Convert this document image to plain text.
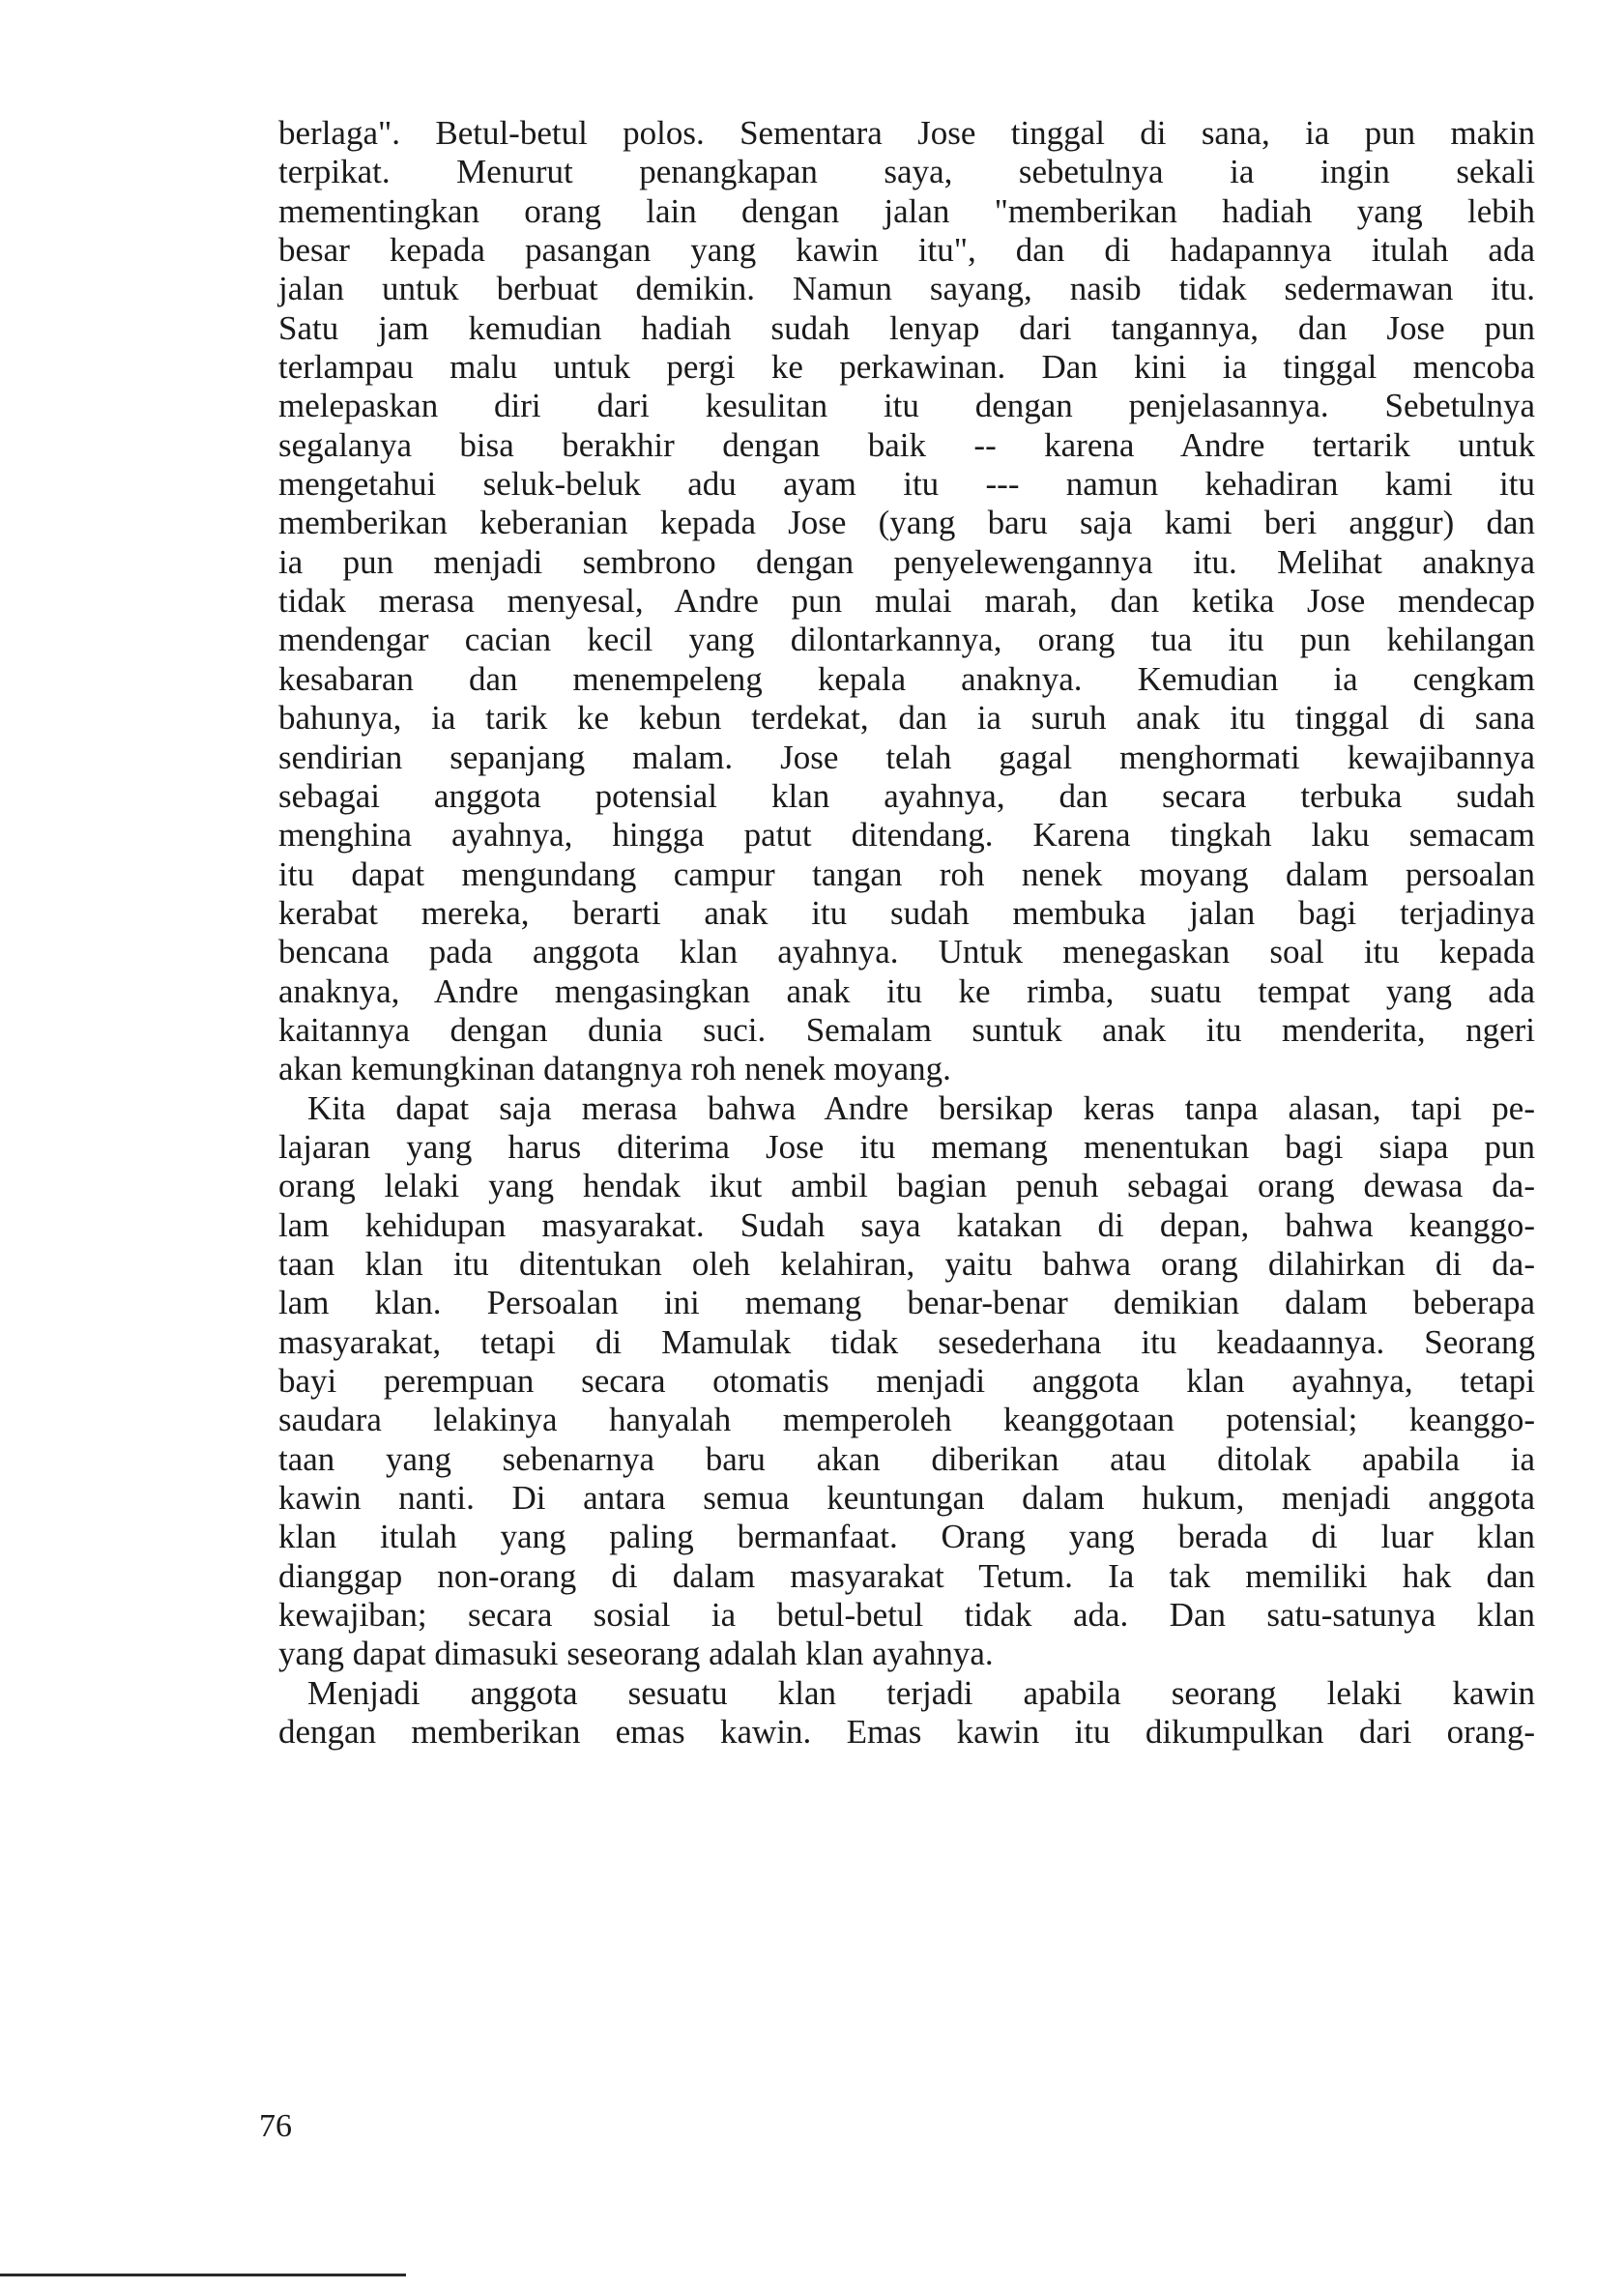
berlaga". Betul-betul polos. Sementara Jose tinggal di sana, ia pun makin
terpikat. Menurut penangkapan saya, sebetulnya ia ingin sekali
mementingkan orang lain dengan jalan "memberikan hadiah yang lebih
besar kepada pasangan yang kawin itu", dan di hadapannya itulah ada
jalan untuk berbuat demikin. Namun sayang, nasib tidak sedermawan itu.
Satu jam kemudian hadiah sudah lenyap dari tangannya, dan Jose pun
terlampau malu untuk pergi ke perkawinan. Dan kini ia tinggal mencoba
melepaskan diri dari kesulitan itu dengan penjelasannya. Sebetulnya
segalanya bisa berakhir dengan baik -- karena Andre tertarik untuk
mengetahui seluk-beluk adu ayam itu --- namun kehadiran kami itu
memberikan keberanian kepada Jose (yang baru saja kami beri anggur) dan
ia pun menjadi sembrono dengan penyelewengannya itu. Melihat anaknya
tidak merasa menyesal, Andre pun mulai marah, dan ketika Jose mendecap
mendengar cacian kecil yang dilontarkannya, orang tua itu pun kehilangan
kesabaran dan menempeleng kepala anaknya. Kemudian ia cengkam
bahunya, ia tarik ke kebun terdekat, dan ia suruh anak itu tinggal di sana
sendirian sepanjang malam. Jose telah gagal menghormati kewajibannya
sebagai anggota potensial klan ayahnya, dan secara terbuka sudah
menghina ayahnya, hingga patut ditendang. Karena tingkah laku semacam
itu dapat mengundang campur tangan roh nenek moyang dalam persoalan
kerabat mereka, berarti anak itu sudah membuka jalan bagi terjadinya
bencana pada anggota klan ayahnya. Untuk menegaskan soal itu kepada
anaknya, Andre mengasingkan anak itu ke rimba, suatu tempat yang ada
kaitannya dengan dunia suci. Semalam suntuk anak itu menderita, ngeri
akan kemungkinan datangnya roh nenek moyang.
Kita dapat saja merasa bahwa Andre bersikap keras tanpa alasan, tapi pe-
lajaran yang harus diterima Jose itu memang menentukan bagi siapa pun
orang lelaki yang hendak ikut ambil bagian penuh sebagai orang dewasa da-
lam kehidupan masyarakat. Sudah saya katakan di depan, bahwa keanggo-
taan klan itu ditentukan oleh kelahiran, yaitu bahwa orang dilahirkan di da-
lam klan. Persoalan ini memang benar-benar demikian dalam beberapa
masyarakat, tetapi di Mamulak tidak sesederhana itu keadaannya. Seorang
bayi perempuan secara otomatis menjadi anggota klan ayahnya, tetapi
saudara lelakinya hanyalah memperoleh keanggotaan potensial; keanggo-
taan yang sebenarnya baru akan diberikan atau ditolak apabila ia
kawin nanti. Di antara semua keuntungan dalam hukum, menjadi anggota
klan itulah yang paling bermanfaat. Orang yang berada di luar klan
dianggap non-orang di dalam masyarakat Tetum. Ia tak memiliki hak dan
kewajiban; secara sosial ia betul-betul tidak ada. Dan satu-satunya klan
yang dapat dimasuki seseorang adalah klan ayahnya.
Menjadi anggota sesuatu klan terjadi apabila seorang lelaki kawin
dengan memberikan emas kawin. Emas kawin itu dikumpulkan dari orang-
76
